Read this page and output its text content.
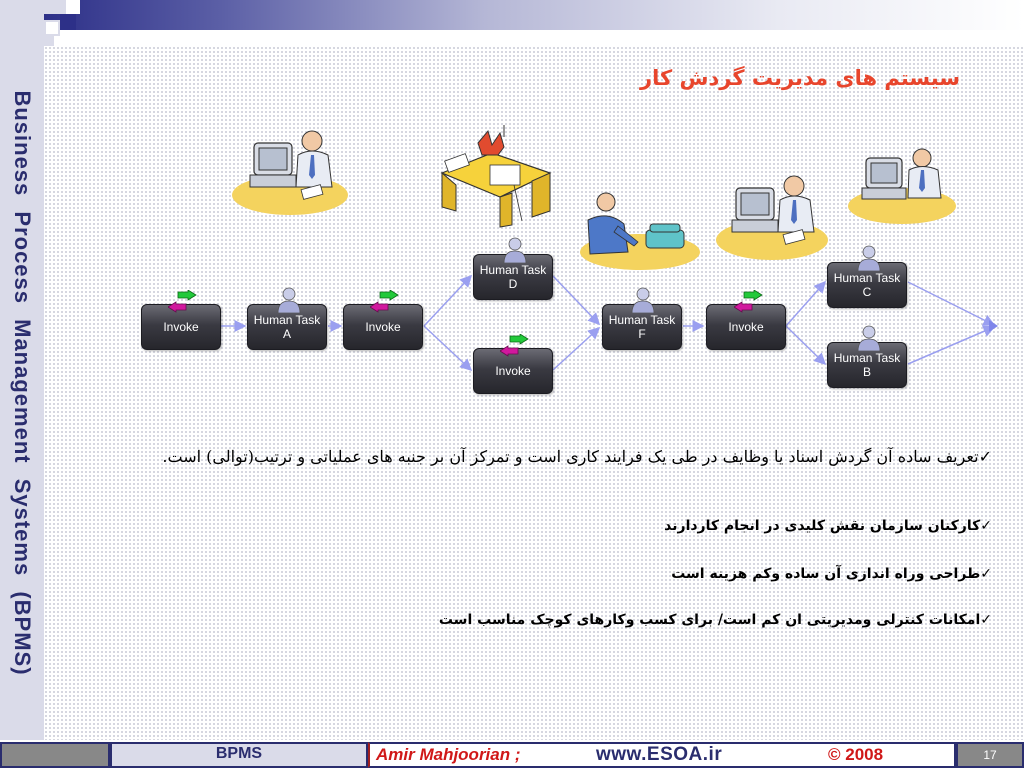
Business Process Management Systems (BPMS)
سیستم های مدیریت گردش کار
Invoke	Human Task
A	Invoke
Human Task
D
Invoke
Human Task
F	Invoke
Human Task
C
Human Task
B
✓تعریف ساده آن گردش اسناد یا وظایف در طی یک فرایند کاری است و تمرکز آن بر جنبه های عملیاتی و ترتیب(توالی) است.
✓کارکنان سازمان نقش کلیدی در انجام کاردارند
✓طراحی وراه اندازی آن ساده وکم هزینه است
✓امکانات کنترلی ومدیریتی ان کم است/ برای کسب وکارهای کوچک مناسب است
BPMS	Amir Mahjoorian ;	www.ESOA.ir	© 2008	17
